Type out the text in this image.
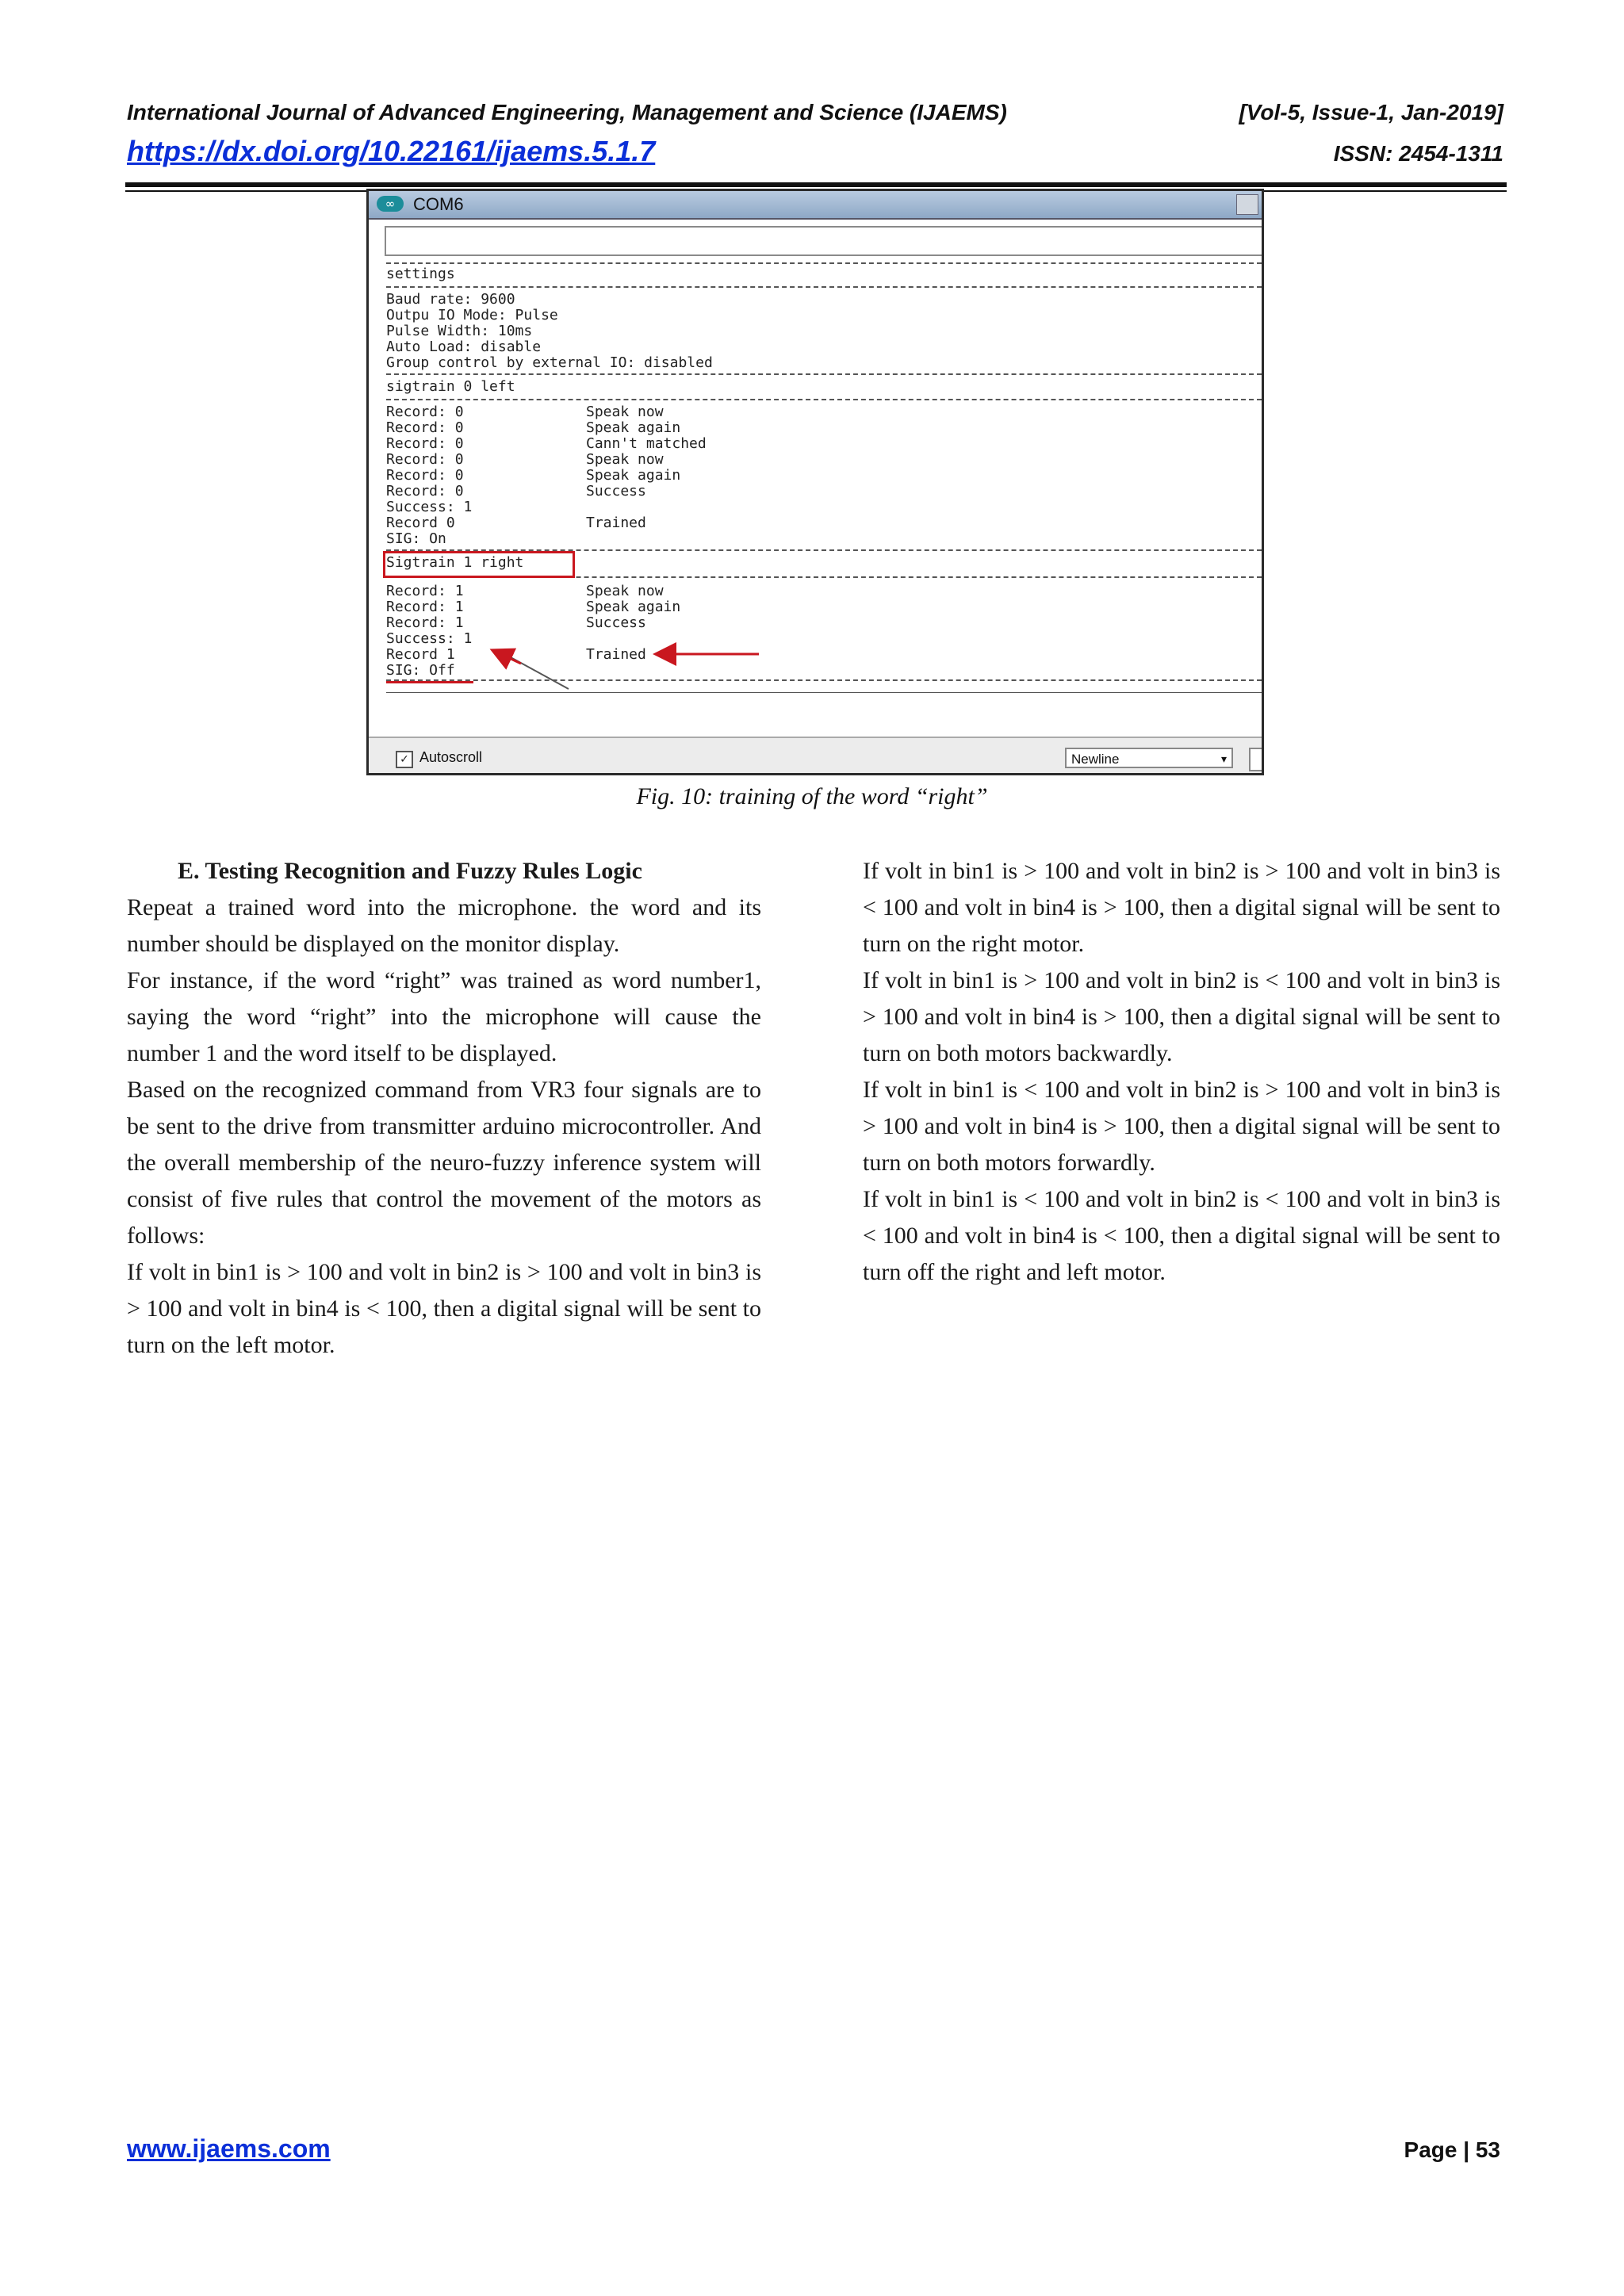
International Journal of Advanced Engineering, Management and Science (IJAEMS)	[Vol-5, Issue-1, Jan-2019]
https://dx.doi.org/10.22161/ijaems.5.1.7	ISSN: 2454-1311
∞	COM6
settings
Baud rate: 9600
Outpu IO Mode: Pulse
Pulse Width: 10ms
Auto Load: disable
Group control by external IO: disabled
sigtrain 0 left
Record: 0	Speak now
Record: 0	Speak again
Record: 0	Cann't matched
Record: 0	Speak now
Record: 0	Speak again
Record: 0	Success
Success: 1
Record 0	Trained
SIG: On
Sigtrain 1 right
Record: 1	Speak now
Record: 1	Speak again
Record: 1	Success
Success: 1
Record 1	Trained
SIG: Off
✓ Autoscroll	Newline	▾
Fig. 10: training of the word “right”

E. Testing Recognition and Fuzzy Rules Logic

Repeat a trained word into the microphone. the word and its number should be displayed on the monitor display.

For instance, if the word “right” was trained as word number1, saying the word “right” into the microphone will cause the number 1 and the word itself to be displayed.

Based on the recognized command from VR3 four signals are to be sent to the drive from transmitter arduino microcontroller. And the overall membership of the neuro-fuzzy inference system will consist of five rules that control the movement of the motors as follows:

If volt in bin1 is > 100 and volt in bin2 is > 100 and volt in bin3 is > 100 and volt in bin4 is < 100, then a digital signal will be sent to turn on the left motor.

If volt in bin1 is > 100 and volt in bin2 is > 100 and volt in bin3 is < 100 and volt in bin4 is > 100, then a digital signal will be sent to turn on the right motor.

If volt in bin1 is > 100 and volt in bin2 is < 100 and volt in bin3 is > 100 and volt in bin4 is > 100, then a digital signal will be sent to turn on both motors backwardly.

If volt in bin1 is < 100 and volt in bin2 is > 100 and volt in bin3 is > 100 and volt in bin4 is > 100, then a digital signal will be sent to turn on both motors forwardly.

If volt in bin1 is < 100 and volt in bin2 is < 100 and volt in bin3 is < 100 and volt in bin4 is < 100, then a digital signal will be sent to turn off the right and left motor.

www.ijaems.com	Page | 53
